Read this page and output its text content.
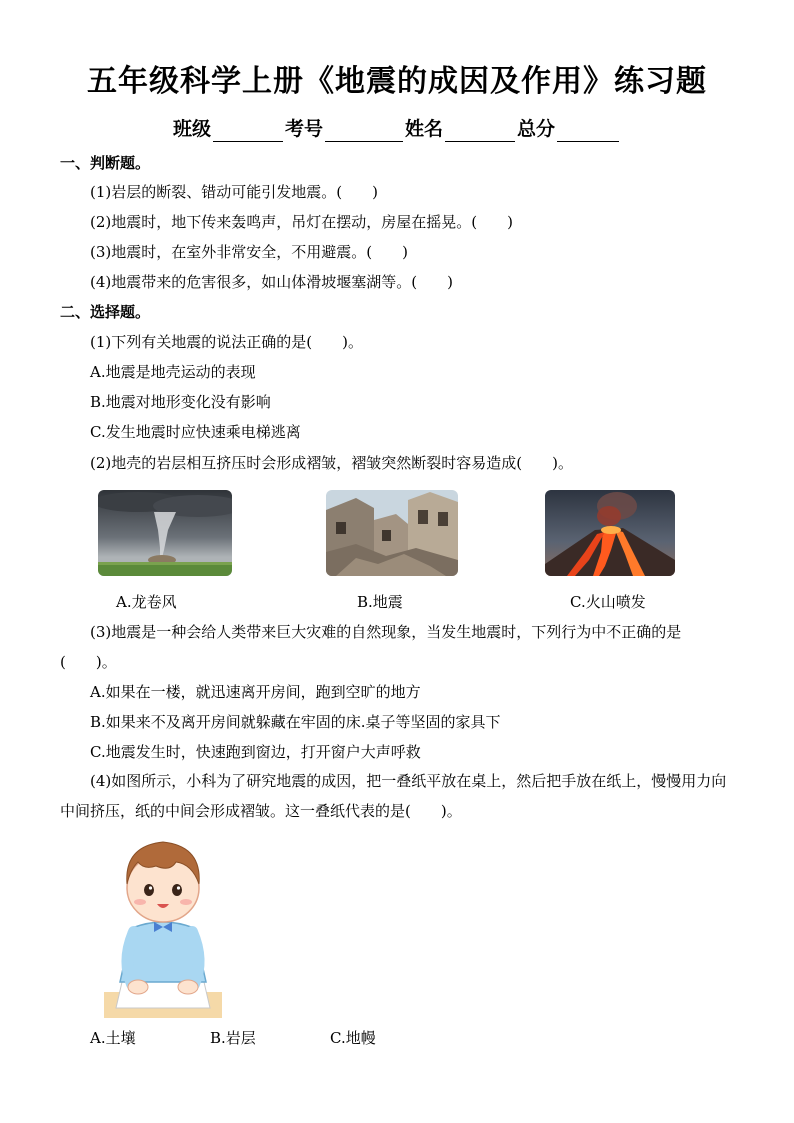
五年级科学上册《地震的成因及作用》练习题
班级	考号	姓名	总分
一、判断题。
(1)岩层的断裂、错动可能引发地震。(　　)
(2)地震时，地下传来轰鸣声，吊灯在摆动，房屋在摇晃。(　　)
(3)地震时，在室外非常安全，不用避震。(　　)
(4)地震带来的危害很多，如山体滑坡堰塞湖等。(　　)
二、选择题。
(1)下列有关地震的说法正确的是(　　)。
A.地震是地壳运动的表现
B.地震对地形变化没有影响
C.发生地震时应快速乘电梯逃离
(2)地壳的岩层相互挤压时会形成褶皱，褶皱突然断裂时容易造成(　　)。
A.龙卷风	B.地震	C.火山喷发
(3)地震是一种会给人类带来巨大灾难的自然现象，当发生地震时，下列行为中不正确的是(　　)。
A.如果在一楼，就迅速离开房间，跑到空旷的地方
B.如果来不及离开房间就躲藏在牢固的床.桌子等坚固的家具下
C.地震发生时，快速跑到窗边，打开窗户大声呼救
(4)如图所示，小科为了研究地震的成因，把一叠纸平放在桌上，然后把手放在纸上，慢慢用力向中间挤压，纸的中间会形成褶皱。这一叠纸代表的是(　　)。
A.土壤	B.岩层	C.地幔
